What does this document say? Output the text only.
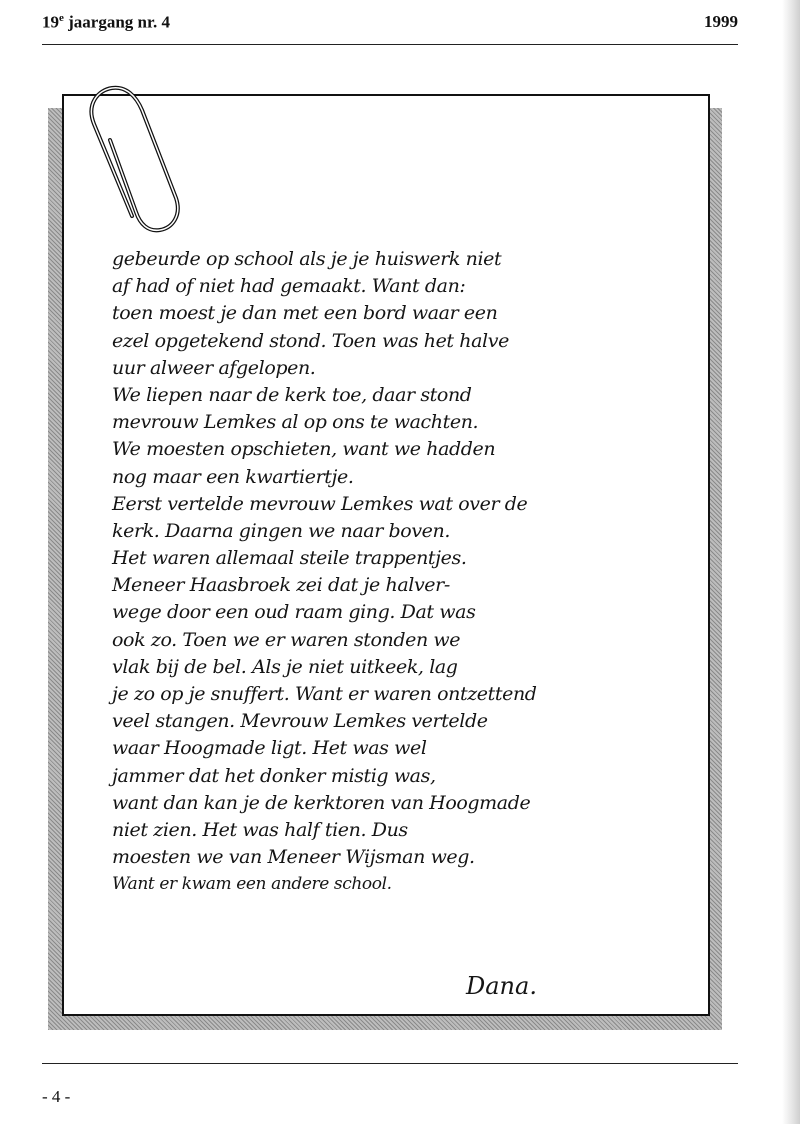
19e jaargang nr. 4	1999
gebeurde op school als je je huiswerk niet
af had of niet had gemaakt. Want dan:
toen moest je dan met een bord waar een
ezel opgetekend stond. Toen was het halve
uur alweer afgelopen.
We liepen naar de kerk toe, daar stond
mevrouw Lemkes al op ons te wachten.
We moesten opschieten, want we hadden
nog maar een kwartiertje.
Eerst vertelde mevrouw Lemkes wat over de
kerk. Daarna gingen we naar boven.
Het waren allemaal steile trappentjes.
Meneer Haasbroek zei dat je halver-
wege door een oud raam ging. Dat was
ook zo. Toen we er waren stonden we
vlak bij de bel. Als je niet uitkeek, lag
je zo op je snuffert. Want er waren ontzettend
veel stangen. Mevrouw Lemkes vertelde
waar Hoogmade ligt. Het was wel
jammer dat het donker mistig was,
want dan kan je de kerktoren van Hoogmade
niet zien. Het was half tien. Dus
moesten we van Meneer Wijsman weg.
Want er kwam een andere school.
Dana.
- 4 -
